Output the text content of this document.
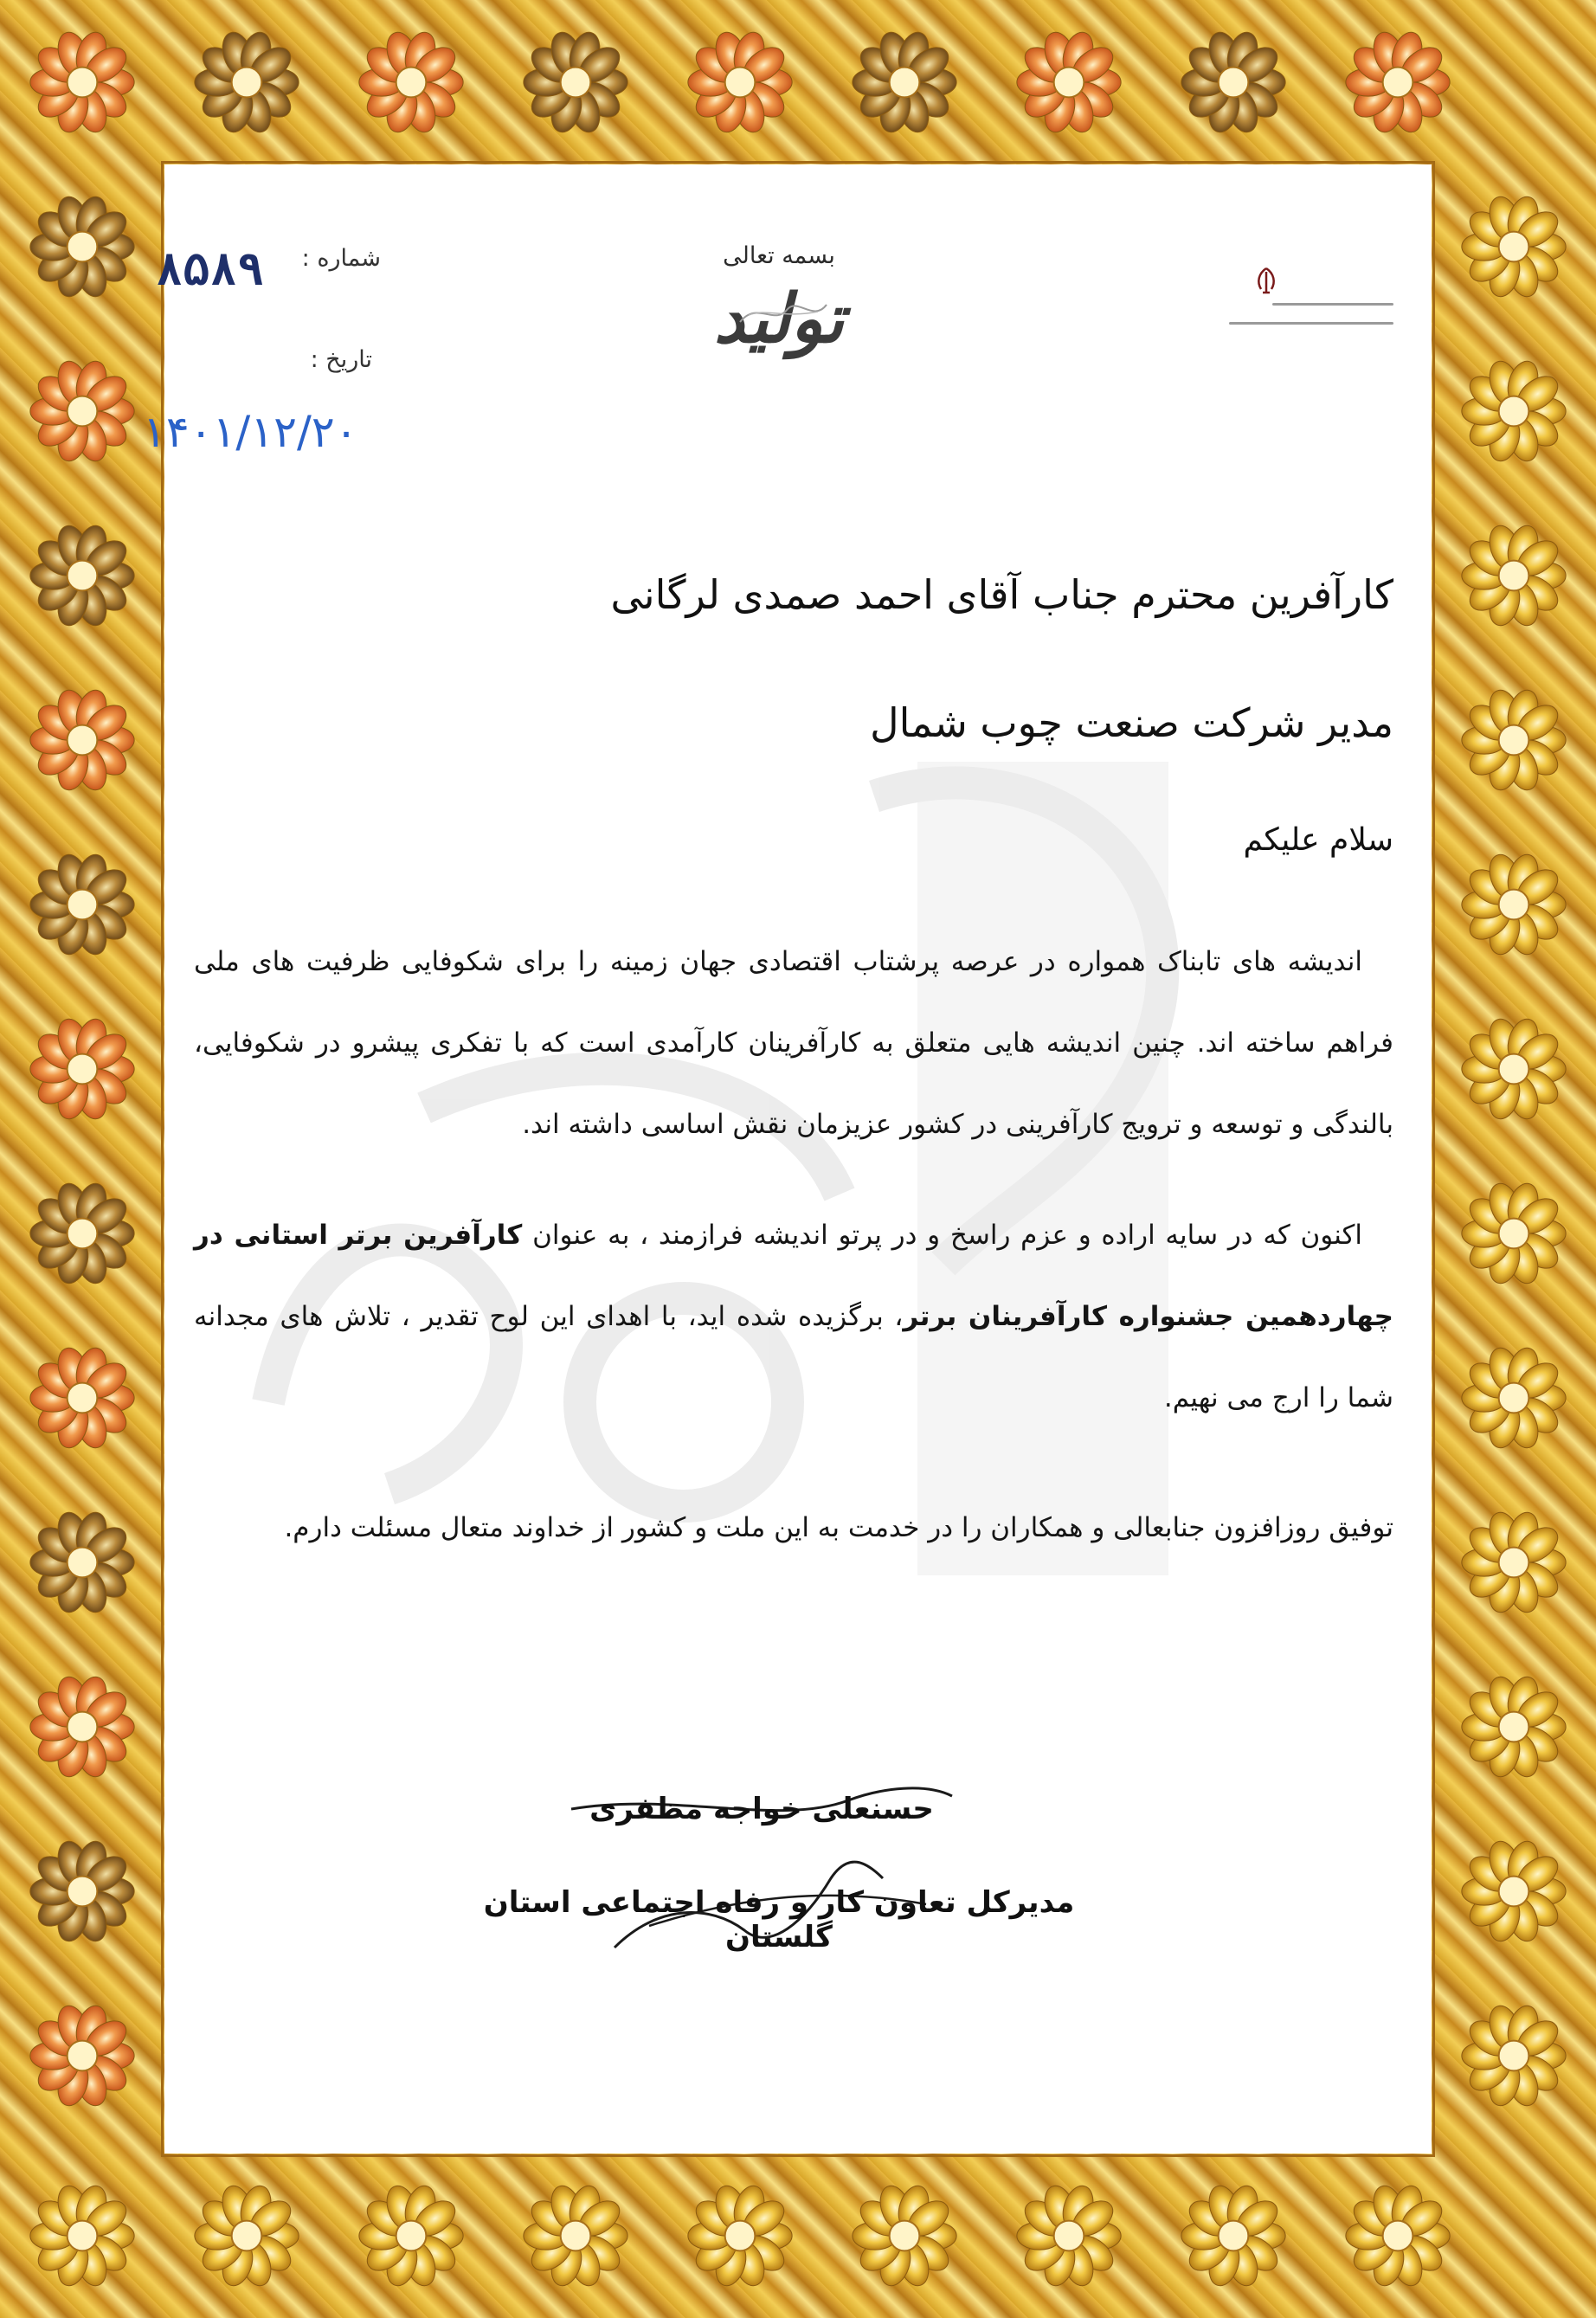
بسمه تعالی
تولید
شماره :
۸۵۸۹
تاریخ :
۱۴۰۱/۱۲/۲۰
کارآفرین محترم جناب آقای احمد صمدی لرگانی
مدیر شرکت صنعت چوب شمال
سلام علیکم
اندیشه های تابناک همواره در عرصه پرشتاب اقتصادی جهان زمینه را برای شکوفایی ظرفیت های ملی فراهم ساخته اند. چنین اندیشه هایی متعلق به کارآفرینان کارآمدی است که با تفکری پیشرو در شکوفایی، بالندگی و توسعه و ترویج کارآفرینی در کشور عزیزمان نقش اساسی داشته اند.
اکنون که در سایه اراده و عزم راسخ و در پرتو اندیشه فرازمند ، به عنوان کارآفرین برتر استانی در چهاردهمین جشنواره کارآفرینان برتر، برگزیده شده اید، با اهدای این لوح تقدیر ، تلاش های مجدانه شما را ارج می نهیم.
توفیق روزافزون جنابعالی و همکاران را در خدمت به این ملت و کشور از خداوند متعال مسئلت دارم.
حسنعلی خواجه مظفری
مدیرکل تعاون کار و رفاه اجتماعی استان گلستان
